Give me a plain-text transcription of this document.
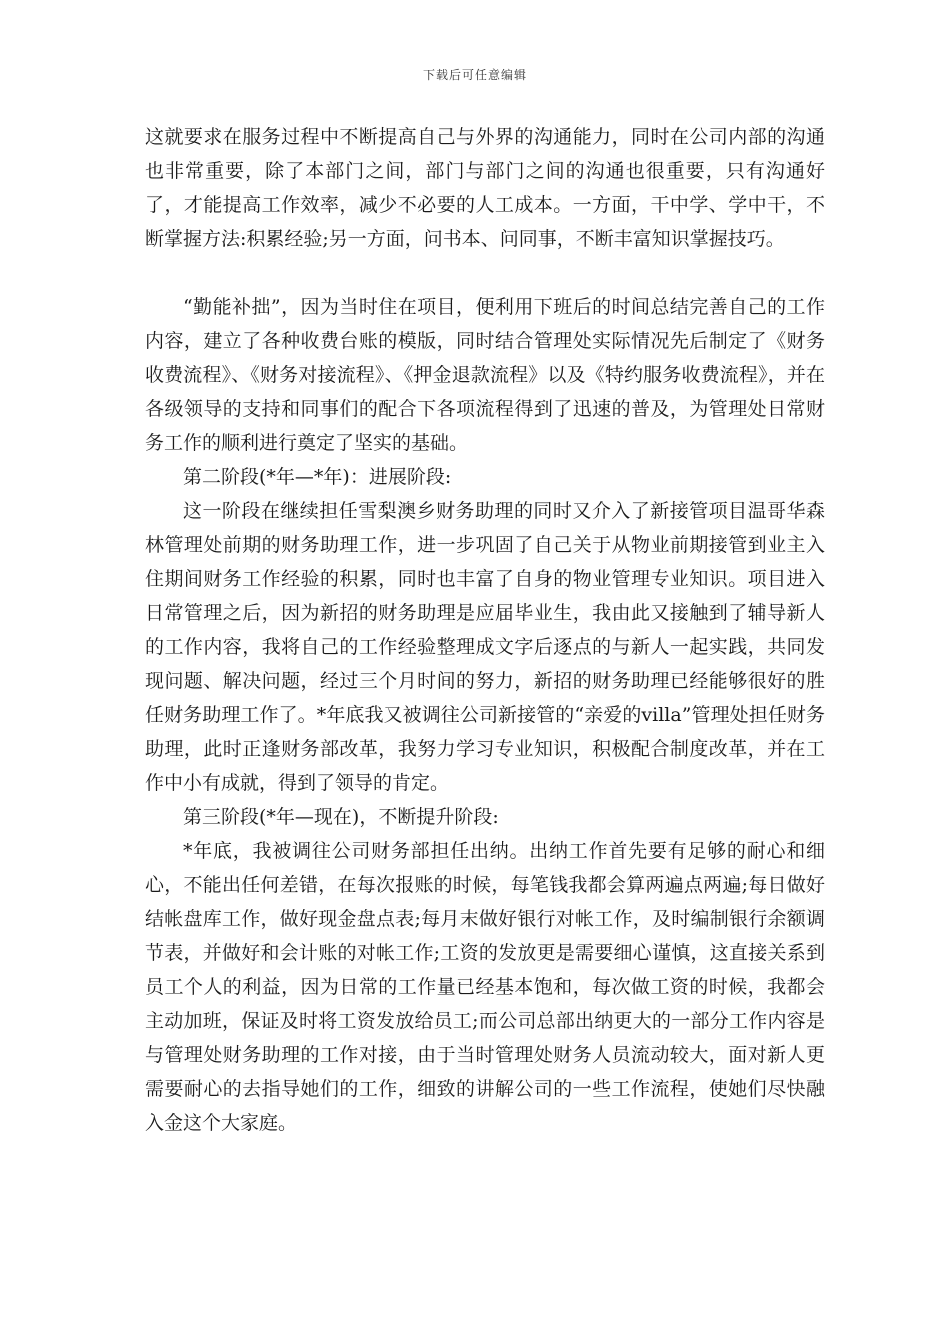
下载后可任意编辑

这就要求在服务过程中不断提高自己与外界的沟通能力，同时在公司内部的沟通也非常重要，除了本部门之间，部门与部门之间的沟通也很重要，只有沟通好了，才能提高工作效率，减少不必要的人工成本。一方面，干中学、学中干，不断掌握方法:积累经验;另一方面，问书本、问同事，不断丰富知识掌握技巧。

“勤能补拙”，因为当时住在项目，便利用下班后的时间总结完善自己的工作内容，建立了各种收费台账的模版，同时结合管理处实际情况先后制定了《财务收费流程》、《财务对接流程》、《押金退款流程》以及《特约服务收费流程》，并在各级领导的支持和同事们的配合下各项流程得到了迅速的普及，为管理处日常财务工作的顺利进行奠定了坚实的基础。

第二阶段(*年—*年)：进展阶段:

这一阶段在继续担任雪梨澳乡财务助理的同时又介入了新接管项目温哥华森林管理处前期的财务助理工作，进一步巩固了自己关于从物业前期接管到业主入住期间财务工作经验的积累，同时也丰富了自身的物业管理专业知识。项目进入日常管理之后，因为新招的财务助理是应届毕业生，我由此又接触到了辅导新人的工作内容，我将自己的工作经验整理成文字后逐点的与新人一起实践，共同发现问题、解决问题，经过三个月时间的努力，新招的财务助理已经能够很好的胜任财务助理工作了。*年底我又被调往公司新接管的“亲爱的villa”管理处担任财务助理，此时正逢财务部改革，我努力学习专业知识，积极配合制度改革，并在工作中小有成就，得到了领导的肯定。

第三阶段(*年—现在)，不断提升阶段:

*年底，我被调往公司财务部担任出纳。出纳工作首先要有足够的耐心和细心，不能出任何差错，在每次报账的时候，每笔钱我都会算两遍点两遍;每日做好结帐盘库工作，做好现金盘点表;每月末做好银行对帐工作，及时编制银行余额调节表，并做好和会计账的对帐工作;工资的发放更是需要细心谨慎，这直接关系到员工个人的利益，因为日常的工作量已经基本饱和，每次做工资的时候，我都会主动加班，保证及时将工资发放给员工;而公司总部出纳更大的一部分工作内容是与管理处财务助理的工作对接，由于当时管理处财务人员流动较大，面对新人更需要耐心的去指导她们的工作，细致的讲解公司的一些工作流程，使她们尽快融入金这个大家庭。
